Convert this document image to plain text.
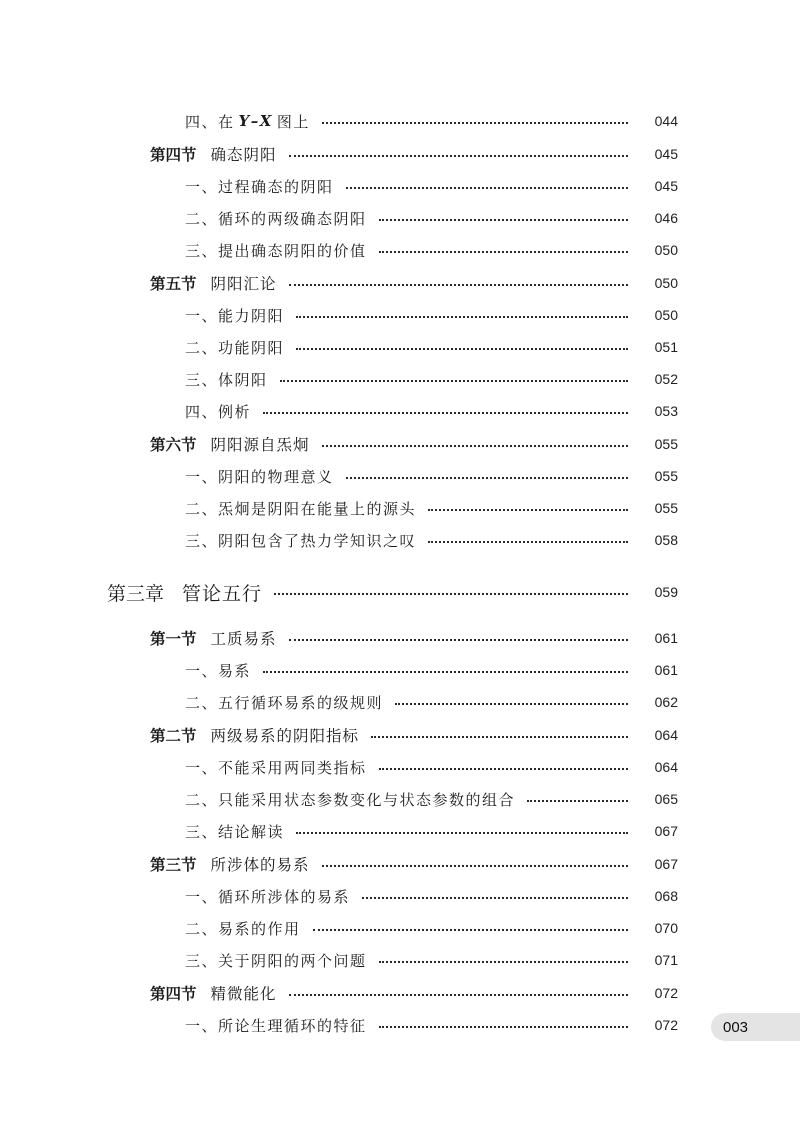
四、在 Y–X 图上	044
第四节 确态阴阳	045
一、过程确态的阴阳	045
二、循环的两级确态阴阳	046
三、提出确态阴阳的价值	050
第五节 阴阳汇论	050
一、能力阴阳	050
二、功能阴阳	051
三、体阴阳	052
四、例析	053
第六节 阴阳源自炁炯	055
一、阴阳的物理意义	055
二、炁炯是阴阳在能量上的源头	055
三、阴阳包含了热力学知识之叹	058
第三章 管论五行	059
第一节 工质易系	061
一、易系	061
二、五行循环易系的级规则	062
第二节 两级易系的阴阳指标	064
一、不能采用两同类指标	064
二、只能采用状态参数变化与状态参数的组合	065
三、结论解读	067
第三节 所涉体的易系	067
一、循环所涉体的易系	068
二、易系的作用	070
三、关于阴阳的两个问题	071
第四节 精微能化	072
一、所论生理循环的特征	072	003
